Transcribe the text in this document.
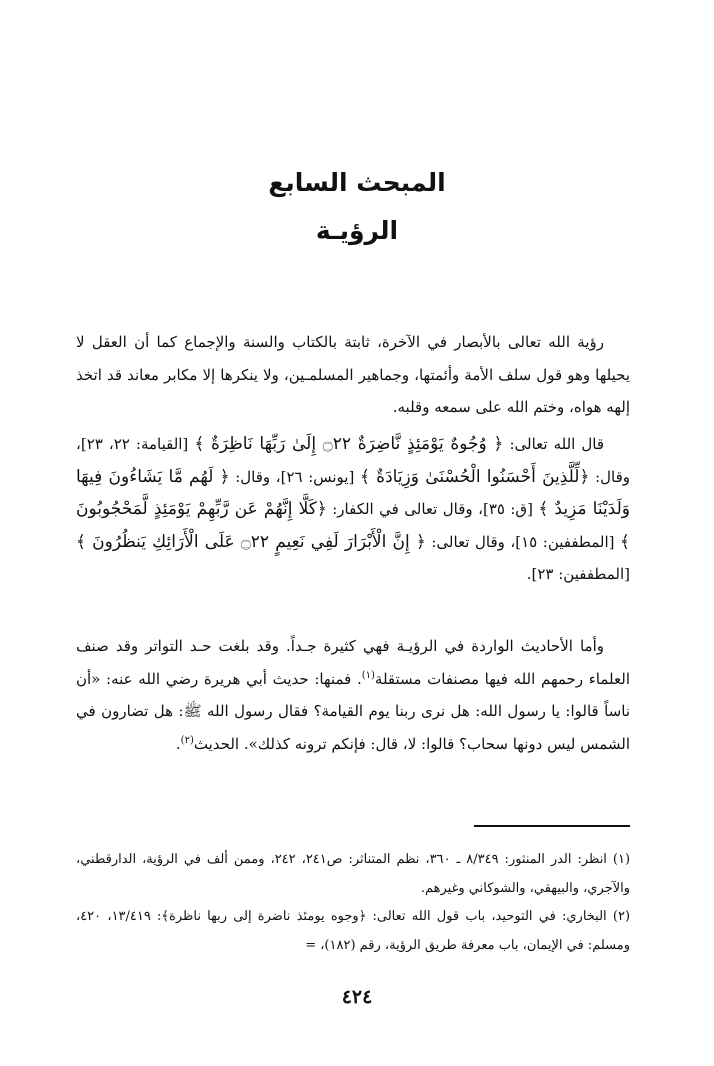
المبحث السابع
الرؤيـة
رؤية الله تعالى بالأبصار في الآخرة، ثابتة بالكتاب والسنة والإجماع كما أن العقل لا يحيلها وهو قول سلف الأمة وأئمتها، وجماهير المسلمـين، ولا ينكرها إلا مكابر معاند قد اتخذ إلهه هواه، وختم الله على سمعه وقلبه.
قال الله تعالى: ﴿ وُجُوهٌ يَوْمَئِذٍ نَّاضِرَةٌ ۝٢٢ إِلَىٰ رَبِّهَا نَاظِرَةٌ ﴾ [القيامة: ٢٢، ٢٣]، وقال: ﴿لِّلَّذِينَ أَحْسَنُوا الْحُسْنَىٰ وَزِيَادَةٌ ﴾ [يونس: ٢٦]، وقال: ﴿ لَهُم مَّا يَشَاءُونَ فِيهَا وَلَدَيْنَا مَزِيدٌ ﴾ [ق: ٣٥]، وقال تعالى في الكفار: ﴿كَلَّا إِنَّهُمْ عَن رَّبِّهِمْ يَوْمَئِذٍ لَّمَحْجُوبُونَ ﴾ [المطففين: ١٥]، وقال تعالى: ﴿ إِنَّ الْأَبْرَارَ لَفِي نَعِيمٍ ۝٢٢ عَلَى الْأَرَائِكِ يَنظُرُونَ ﴾ [المطففين: ٢٣].
وأما الأحاديث الواردة في الرؤيـة فهي كثيرة جـداً. وقد بلغت حـد التواتر وقد صنف العلماء رحمهم الله فيها مصنفات مستقلة$^{(١)}$. فمنها: حديث أبي هريرة رضي الله عنه: «أن ناساً قالوا: يا رسول الله: هل نرى ربنا يوم القيامة؟ فقال رسول الله ﷺ: هل تضارون في الشمس ليس دونها سحاب؟ قالوا: لا، قال: فإنكم ترونه كذلك». الحديث$^{(٢)}$.

(١) انظر: الدر المنثور: ٨/٣٤٩ ـ ٣٦٠، نظم المتناثر: ص٢٤١، ٢٤٢، وممن ألف في الرؤية، الدارقطني، والآجري، والبيهقي، والشوكاني وغيرهم.

(٢) البخاري: في التوحيد، باب قول الله تعالى: ﴿وجوه يومئذ ناضرة إلى ربها ناظرة﴾: ١٣/٤١٩، ٤٢٠، ومسلم: في الإيمان، باب معرفة طريق الرؤية، رقم (١٨٢)، =

٤٢٤
